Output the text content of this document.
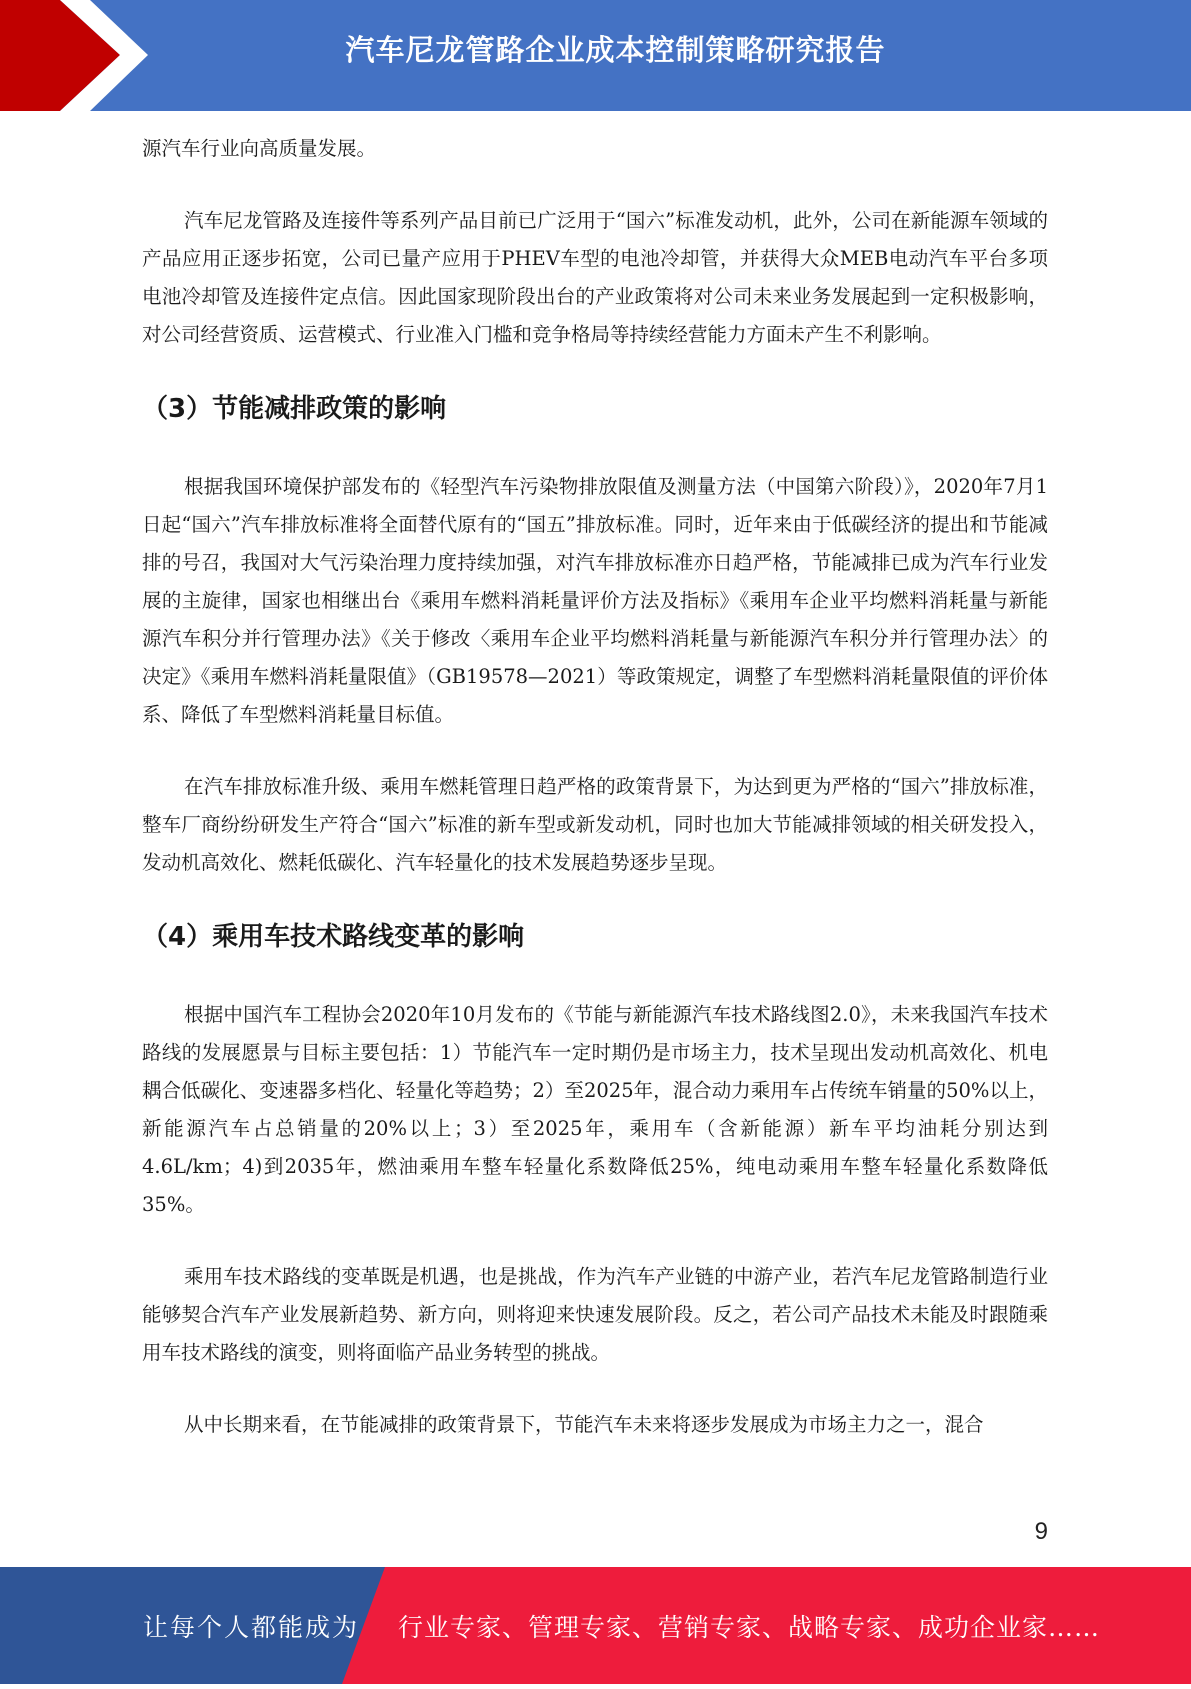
汽车尼龙管路企业成本控制策略研究报告

源汽车行业向高质量发展。

汽车尼龙管路及连接件等系列产品目前已广泛用于“国六”标准发动机，此外，公司在新能源车领域的产品应用正逐步拓宽，公司已量产应用于PHEV车型的电池冷却管，并获得大众MEB电动汽车平台多项电池冷却管及连接件定点信。因此国家现阶段出台的产业政策将对公司未来业务发展起到一定积极影响，对公司经营资质、运营模式、行业准入门槛和竞争格局等持续经营能力方面未产生不利影响。

（3）节能减排政策的影响

根据我国环境保护部发布的《轻型汽车污染物排放限值及测量方法（中国第六阶段）》，2020年7月1日起“国六”汽车排放标准将全面替代原有的“国五”排放标准。同时，近年来由于低碳经济的提出和节能减排的号召，我国对大气污染治理力度持续加强，对汽车排放标准亦日趋严格，节能减排已成为汽车行业发展的主旋律，国家也相继出台《乘用车燃料消耗量评价方法及指标》《乘用车企业平均燃料消耗量与新能源汽车积分并行管理办法》《关于修改〈乘用车企业平均燃料消耗量与新能源汽车积分并行管理办法〉的决定》《乘用车燃料消耗量限值》（GB19578—2021）等政策规定，调整了车型燃料消耗量限值的评价体系、降低了车型燃料消耗量目标值。

在汽车排放标准升级、乘用车燃耗管理日趋严格的政策背景下，为达到更为严格的“国六”排放标准，整车厂商纷纷研发生产符合“国六”标准的新车型或新发动机，同时也加大节能减排领域的相关研发投入，发动机高效化、燃耗低碳化、汽车轻量化的技术发展趋势逐步呈现。

（4）乘用车技术路线变革的影响

根据中国汽车工程协会2020年10月发布的《节能与新能源汽车技术路线图2.0》，未来我国汽车技术路线的发展愿景与目标主要包括：1）节能汽车一定时期仍是市场主力，技术呈现出发动机高效化、机电耦合低碳化、变速器多档化、轻量化等趋势；2）至2025年，混合动力乘用车占传统车销量的50%以上，新能源汽车占总销量的20%以上；3）至2025年，乘用车（含新能源）新车平均油耗分别达到4.6L/km；4)到2035年，燃油乘用车整车轻量化系数降低25%，纯电动乘用车整车轻量化系数降低35%。

乘用车技术路线的变革既是机遇，也是挑战，作为汽车产业链的中游产业，若汽车尼龙管路制造行业能够契合汽车产业发展新趋势、新方向，则将迎来快速发展阶段。反之，若公司产品技术未能及时跟随乘用车技术路线的演变，则将面临产品业务转型的挑战。

从中长期来看，在节能减排的政策背景下，节能汽车未来将逐步发展成为市场主力之一，混合

9
让每个人都能成为 行业专家、管理专家、营销专家、战略专家、成功企业家……
